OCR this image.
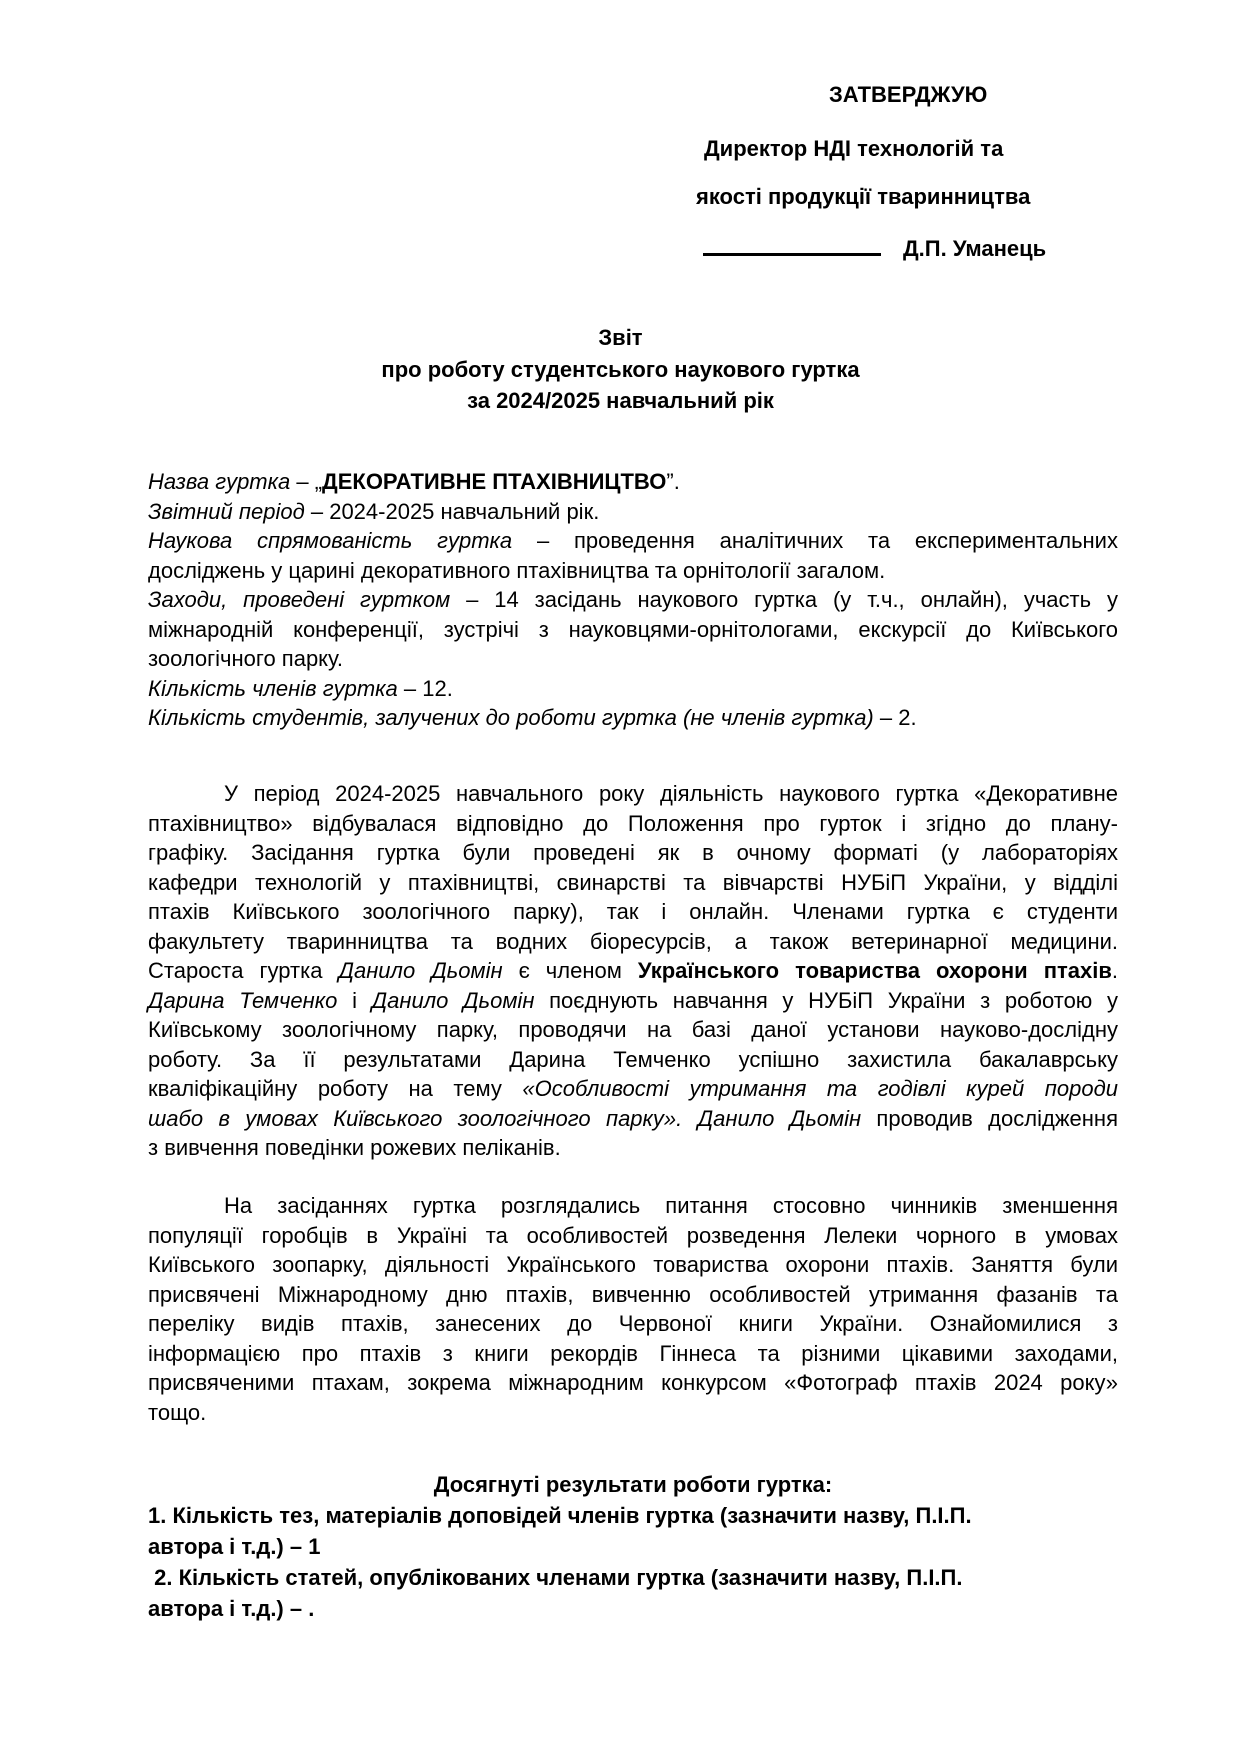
ЗАТВЕРДЖУЮ
Директор НДІ технологій та
якості продукції тваринництва
Д.П. Уманець
Звіт
про роботу студентського наукового гуртка
за 2024/2025 навчальний рік
Назва гуртка – „ДЕКОРАТИВНЕ ПТАХІВНИЦТВО”.
Звітний період – 2024-2025 навчальний рік.
Наукова спрямованість гуртка – проведення аналітичних та експериментальних
досліджень у царині декоративного птахівництва та орнітології загалом.
Заходи, проведені гуртком – 14 засідань наукового гуртка (у т.ч., онлайн), участь у
міжнародній конференції, зустрічі з науковцями-орнітологами, екскурсії до Київського
зоологічного парку.
Кількість членів гуртка – 12.
Кількість студентів, залучених до роботи гуртка (не членів гуртка) – 2.
У період 2024-2025 навчального року діяльність наукового гуртка «Декоративне
птахівництво» відбувалася відповідно до Положення про гурток і згідно до плану-
графіку. Засідання гуртка були проведені як в очному форматі (у лабораторіях
кафедри технологій у птахівництві, свинарстві та вівчарстві НУБіП України, у відділі
птахів Київського зоологічного парку), так і онлайн. Членами гуртка є студенти
факультету тваринництва та водних біоресурсів, а також ветеринарної медицини.
Староста гуртка Данило Дьомін є членом Українського товариства охорони птахів.
Дарина Темченко і Данило Дьомін поєднують навчання у НУБіП України з роботою у
Київському зоологічному парку, проводячи на базі даної установи науково-дослідну
роботу. За її результатами Дарина Темченко успішно захистила бакалаврську
кваліфікаційну роботу на тему «Особливості утримання та годівлі курей породи
шабо в умовах Київського зоологічного парку». Данило Дьомін проводив дослідження
з вивчення поведінки рожевих пеліканів.
На засіданнях гуртка розглядались питання стосовно чинників зменшення
популяції горобців в Україні та особливостей розведення Лелеки чорного в умовах
Київського зоопарку, діяльності Українського товариства охорони птахів. Заняття були
присвячені Міжнародному дню птахів, вивченню особливостей утримання фазанів та
переліку видів птахів, занесених до Червоної книги України. Ознайомилися з
інформацією про птахів з книги рекордів Гіннеса та різними цікавими заходами,
присвяченими птахам, зокрема міжнародним конкурсом «Фотограф птахів 2024 року»
тощо.
Досягнуті результати роботи гуртка:
1. Кількість тез, матеріалів доповідей членів гуртка (зазначити назву, П.І.П.
автора і т.д.) – 1
2. Кількість статей, опублікованих членами гуртка (зазначити назву, П.І.П.
автора і т.д.) – .
